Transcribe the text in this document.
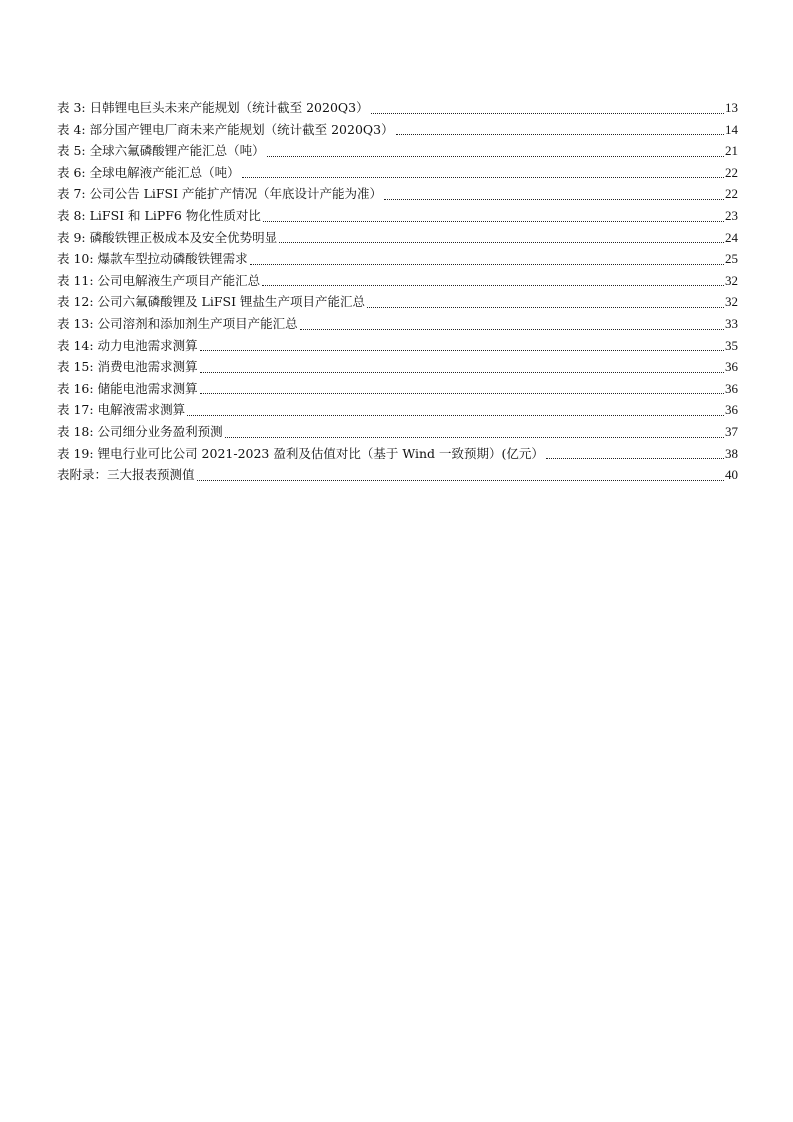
表 3: 日韩锂电巨头未来产能规划（统计截至 2020Q3）	13
表 4: 部分国产锂电厂商未来产能规划（统计截至 2020Q3）	14
表 5: 全球六氟磷酸锂产能汇总（吨）	21
表 6: 全球电解液产能汇总（吨）	22
表 7: 公司公告 LiFSI 产能扩产情况（年底设计产能为准）	22
表 8: LiFSI 和 LiPF6 物化性质对比	23
表 9: 磷酸铁锂正极成本及安全优势明显	24
表 10: 爆款车型拉动磷酸铁锂需求	25
表 11: 公司电解液生产项目产能汇总	32
表 12: 公司六氟磷酸锂及 LiFSI 锂盐生产项目产能汇总	32
表 13: 公司溶剂和添加剂生产项目产能汇总	33
表 14: 动力电池需求测算	35
表 15: 消费电池需求测算	36
表 16: 储能电池需求测算	36
表 17: 电解液需求测算	36
表 18: 公司细分业务盈利预测	37
表 19: 锂电行业可比公司 2021-2023 盈利及估值对比（基于 Wind 一致预期）(亿元）	38
表附录：三大报表预测值	40
